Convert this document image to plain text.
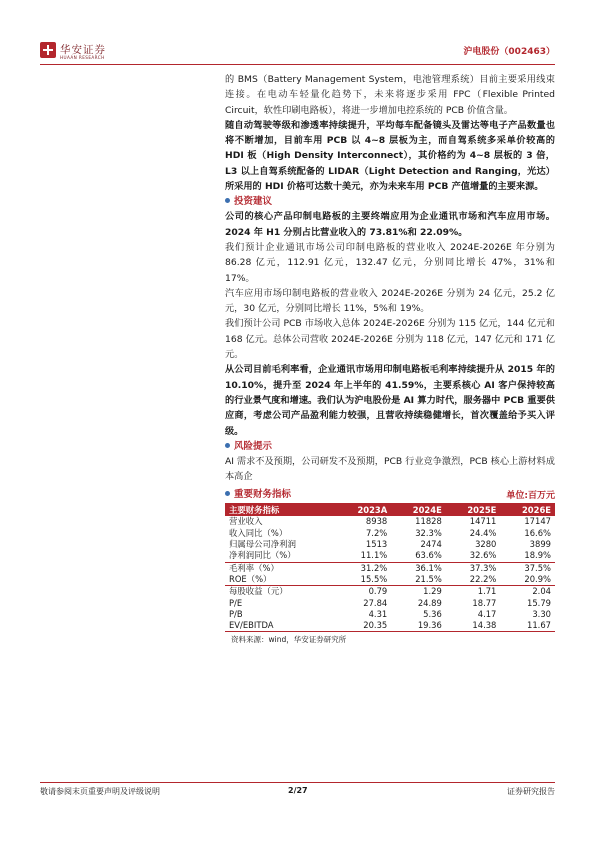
华安证券
HUAAN RESEARCH
沪电股份（002463）

的 BMS（Battery Management System，电池管理系统）目前主要采用线束连接。在电动车轻量化趋势下，未来将逐步采用 FPC（Flexible Printed Circuit，软性印刷电路板），将进一步增加电控系统的 PCB 价值含量。

随自动驾驶等级和渗透率持续提升，平均每车配备镜头及雷达等电子产品数量也将不断增加，目前车用 PCB 以 4~8 层板为主，而自驾系统多采单价较高的 HDI 板（High Density Interconnect），其价格约为 4~8 层板的 3 倍，L3 以上自驾系统配备的 LIDAR（Light Detection and Ranging，光达）所采用的 HDI 价格可达数十美元，亦为未来车用 PCB 产值增量的主要来源。

投资建议

公司的核心产品印制电路板的主要终端应用为企业通讯市场和汽车应用市场。2024 年 H1 分别占比营业收入的 73.81%和 22.09%。

我们预计企业通讯市场公司印制电路板的营业收入 2024E-2026E 年分别为 86.28 亿元，112.91 亿元，132.47 亿元，分别同比增长 47%，31%和 17%。

汽车应用市场印制电路板的营业收入 2024E-2026E 分别为 24 亿元，25.2 亿元，30 亿元，分别同比增长 11%，5%和 19%。

我们预计公司 PCB 市场收入总体 2024E-2026E 分别为 115 亿元，144 亿元和 168 亿元。总体公司营收 2024E-2026E 分别为 118 亿元，147 亿元和 171 亿元。

从公司目前毛利率看，企业通讯市场用印制电路板毛利率持续提升从 2015 年的 10.10%，提升至 2024 年上半年的 41.59%，主要系核心 AI 客户保持较高的行业景气度和增速。我们认为沪电股份是 AI 算力时代，服务器中 PCB 重要供应商，考虑公司产品盈利能力较强，且营收持续稳健增长，首次覆盖给予买入评级。

风险提示

AI 需求不及预期，公司研发不及预期，PCB 行业竞争激烈，PCB 核心上游材料成本高企

重要财务指标	单位:百万元
主要财务指标	2023A	2024E	2025E	2026E
营业收入	8938	11828	14711	17147
收入同比（%）	7.2%	32.3%	24.4%	16.6%
归属母公司净利润	1513	2474	3280	3899
净利润同比（%）	11.1%	63.6%	32.6%	18.9%
毛利率（%）	31.2%	36.1%	37.3%	37.5%
ROE（%）	15.5%	21.5%	22.2%	20.9%
每股收益（元）	0.79	1.29	1.71	2.04
P/E	27.84	24.89	18.77	15.79
P/B	4.31	5.36	4.17	3.30
EV/EBITDA	20.35	19.36	14.38	11.67

资料来源：wind，华安证券研究所

敬请参阅末页重要声明及评级说明	2/27	证券研究报告
